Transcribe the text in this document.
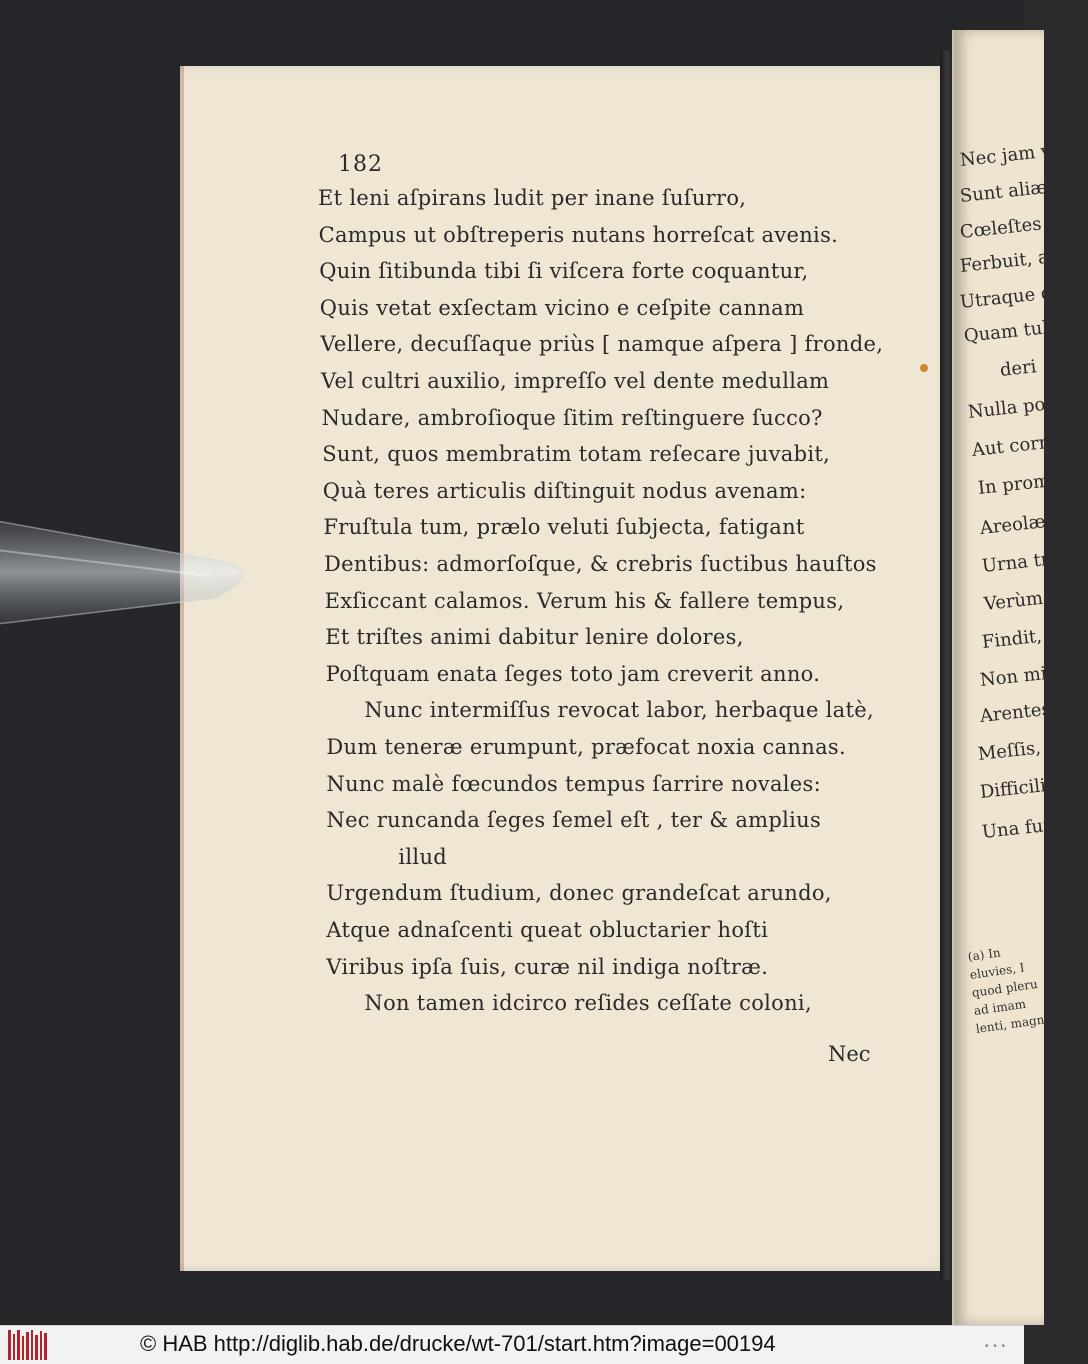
Nec jam vos c
Sunt aliæ peſ
Cœleſtes iræ
Ferbuit, aut
Utraque di
Quam tul
deri
Nulla pot
Aut corri
In promp
Areolæqu
Urna tri
Verùm
Findit,
Non mi
Arentes u
Meſſis, &
Difficilis
Una fuit
(a) In
eluvies, I
quod pleru
ad imam
lenti, magn
182
Et leni aſpirans ludit per inane ſuſurro,
Campus ut obſtreperis nutans horreſcat avenis.
Quin ſitibunda tibi ſi viſcera forte coquantur,
Quis vetat exſectam vicino e ceſpite cannam
Vellere, decuſſaque priùs [ namque aſpera ] fronde,
Vel cultri auxilio, impreſſo vel dente medullam
Nudare, ambroſioque ſitim reſtinguere ſucco?
Sunt, quos membratim totam reſecare juvabit,
Quà teres articulis diſtinguit nodus avenam:
Fruſtula tum, prælo veluti ſubjecta, fatigant
Dentibus: admorſoſque, & crebris ſuctibus hauſtos
Exſiccant calamos. Verum his & fallere tempus,
Et triſtes animi dabitur lenire dolores,
Poſtquam enata ſeges toto jam creverit anno.
Nunc intermiſſus revocat labor, herbaque latè,
Dum teneræ erumpunt, præfocat noxia cannas.
Nunc malè fœcundos tempus ſarrire novales:
Nec runcanda ſeges ſemel eſt , ter & amplius
illud
Urgendum ſtudium, donec grandeſcat arundo,
Atque adnaſcenti queat obluctarier hoſti
Viribus ipſa ſuis, curæ nil indiga noſtræ.
Non tamen idcirco reſides ceſſate coloni,
Nec
© HAB http://diglib.hab.de/drucke/wt-701/start.htm?image=00194	• • •
